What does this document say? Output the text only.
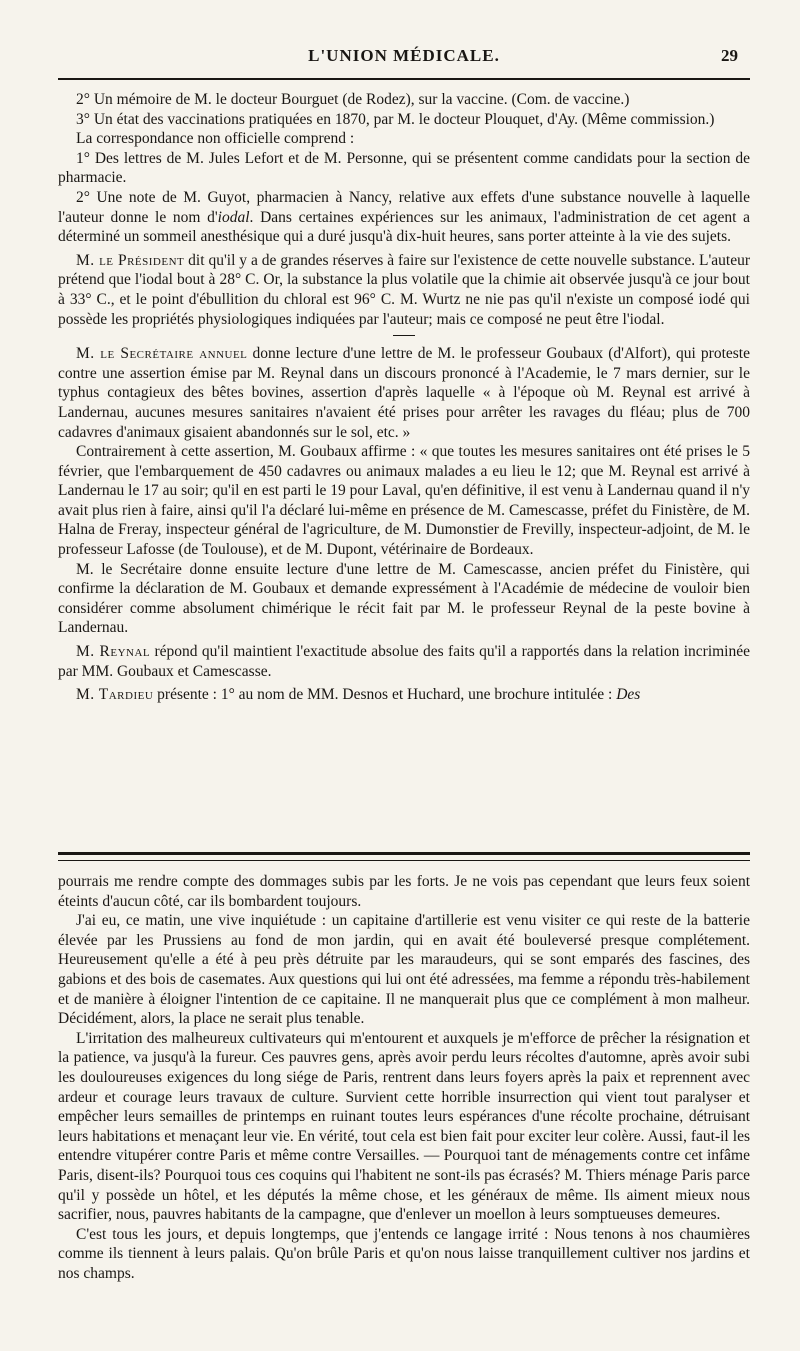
L'UNION MÉDICALE.	29

2° Un mémoire de M. le docteur Bourguet (de Rodez), sur la vaccine. (Com. de vaccine.)

3° Un état des vaccinations pratiquées en 1870, par M. le docteur Plouquet, d'Ay. (Même commission.)

La correspondance non officielle comprend :

1° Des lettres de M. Jules Lefort et de M. Personne, qui se présentent comme candidats pour la section de pharmacie.

2° Une note de M. Guyot, pharmacien à Nancy, relative aux effets d'une substance nouvelle à laquelle l'auteur donne le nom d'iodal. Dans certaines expériences sur les animaux, l'administration de cet agent a déterminé un sommeil anesthésique qui a duré jusqu'à dix-huit heures, sans porter atteinte à la vie des sujets.

M. le Président dit qu'il y a de grandes réserves à faire sur l'existence de cette nouvelle substance. L'auteur prétend que l'iodal bout à 28° C. Or, la substance la plus volatile que la chimie ait observée jusqu'à ce jour bout à 33° C., et le point d'ébullition du chloral est 96° C. M. Wurtz ne nie pas qu'il n'existe un composé iodé qui possède les propriétés physiologiques indiquées par l'auteur; mais ce composé ne peut être l'iodal.

M. le Secrétaire annuel donne lecture d'une lettre de M. le professeur Goubaux (d'Alfort), qui proteste contre une assertion émise par M. Reynal dans un discours prononcé à l'Academie, le 7 mars dernier, sur le typhus contagieux des bêtes bovines, assertion d'après laquelle « à l'époque où M. Reynal est arrivé à Landernau, aucunes mesures sanitaires n'avaient été prises pour arrêter les ravages du fléau; plus de 700 cadavres d'animaux gisaient abandonnés sur le sol, etc. »

Contrairement à cette assertion, M. Goubaux affirme : « que toutes les mesures sanitaires ont été prises le 5 février, que l'embarquement de 450 cadavres ou animaux malades a eu lieu le 12; que M. Reynal est arrivé à Landernau le 17 au soir; qu'il en est parti le 19 pour Laval, qu'en définitive, il est venu à Landernau quand il n'y avait plus rien à faire, ainsi qu'il l'a déclaré lui-même en présence de M. Camescasse, préfet du Finistère, de M. Halna de Freray, inspecteur général de l'agriculture, de M. Dumonstier de Frevilly, inspecteur-adjoint, de M. le professeur Lafosse (de Toulouse), et de M. Dupont, vétérinaire de Bordeaux.

M. le Secrétaire donne ensuite lecture d'une lettre de M. Camescasse, ancien préfet du Finistère, qui confirme la déclaration de M. Goubaux et demande expressément à l'Académie de médecine de vouloir bien considérer comme absolument chimérique le récit fait par M. le professeur Reynal de la peste bovine à Landernau.

M. Reynal répond qu'il maintient l'exactitude absolue des faits qu'il a rapportés dans la relation incriminée par MM. Goubaux et Camescasse.

M. Tardieu présente : 1° au nom de MM. Desnos et Huchard, une brochure intitulée : Des

pourrais me rendre compte des dommages subis par les forts. Je ne vois pas cependant que leurs feux soient éteints d'aucun côté, car ils bombardent toujours.

J'ai eu, ce matin, une vive inquiétude : un capitaine d'artillerie est venu visiter ce qui reste de la batterie élevée par les Prussiens au fond de mon jardin, qui en avait été bouleversé presque complétement. Heureusement qu'elle a été à peu près détruite par les maraudeurs, qui se sont emparés des fascines, des gabions et des bois de casemates. Aux questions qui lui ont été adressées, ma femme a répondu très-habilement et de manière à éloigner l'intention de ce capitaine. Il ne manquerait plus que ce complément à mon malheur. Décidément, alors, la place ne serait plus tenable.

L'irritation des malheureux cultivateurs qui m'entourent et auxquels je m'efforce de prêcher la résignation et la patience, va jusqu'à la fureur. Ces pauvres gens, après avoir perdu leurs récoltes d'automne, après avoir subi les douloureuses exigences du long siége de Paris, rentrent dans leurs foyers après la paix et reprennent avec ardeur et courage leurs travaux de culture. Survient cette horrible insurrection qui vient tout paralyser et empêcher leurs semailles de printemps en ruinant toutes leurs espérances d'une récolte prochaine, détruisant leurs habitations et menaçant leur vie. En vérité, tout cela est bien fait pour exciter leur colère. Aussi, faut-il les entendre vitupérer contre Paris et même contre Versailles. — Pourquoi tant de ménagements contre cet infâme Paris, disent-ils? Pourquoi tous ces coquins qui l'habitent ne sont-ils pas écrasés? M. Thiers ménage Paris parce qu'il y possède un hôtel, et les députés la même chose, et les généraux de même. Ils aiment mieux nous sacrifier, nous, pauvres habitants de la campagne, que d'enlever un moellon à leurs somptueuses demeures.

C'est tous les jours, et depuis longtemps, que j'entends ce langage irrité : Nous tenons à nos chaumières comme ils tiennent à leurs palais. Qu'on brûle Paris et qu'on nous laisse tranquillement cultiver nos jardins et nos champs.
